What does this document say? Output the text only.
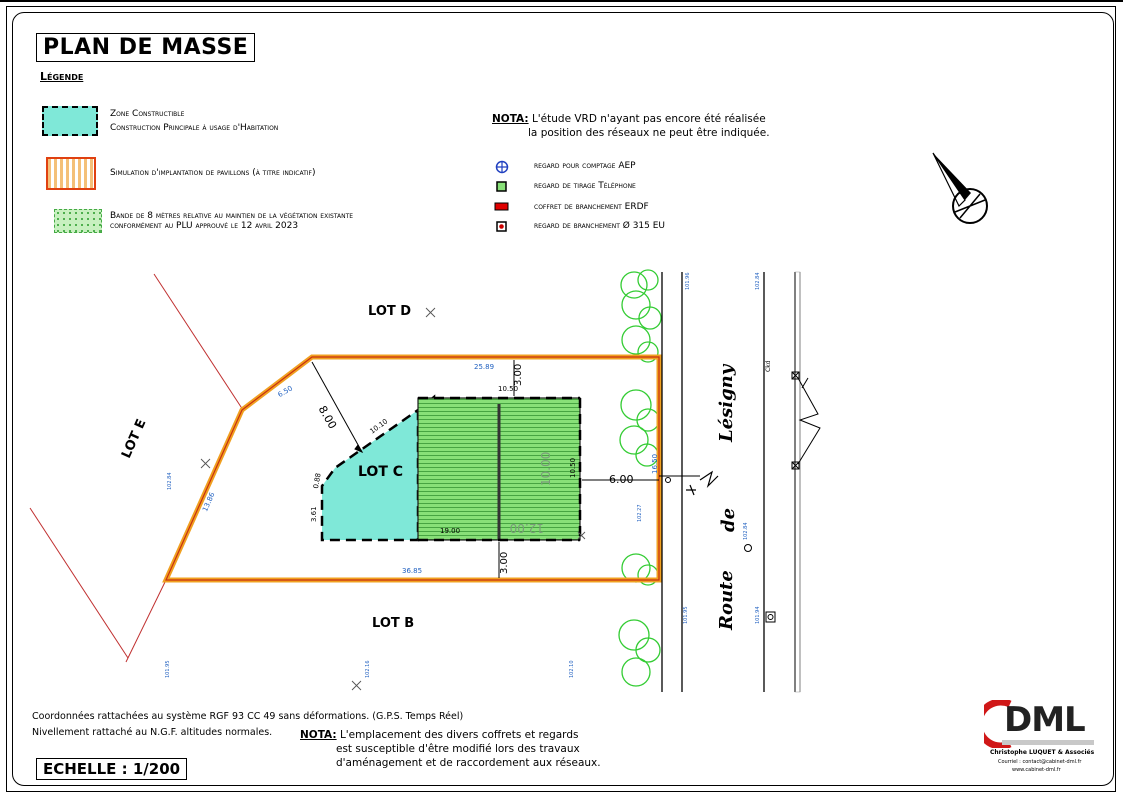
PLAN DE MASSE
Légende
Zone Constructible
Construction Principale à usage d'Habitation
Simulation d'implantation de pavillons (à titre indicatif)
Bande de 8 mètres relative au maintien de la végétation existante
conformément au PLU approuvé le 12 avril 2023
NOTA: L'étude VRD n'ayant pas encore été réalisée
la position des réseaux ne peut être indiquée.
regard pour comptage AEP
regard de tirage Téléphone
coffret de branchement ERDF
regard de branchement Ø 315 EU
LOT D
LOT E
LOT B
LOT C
Route
de
Lésigny
25.89
36.85
6.50
13.86
16.50
8.00
3.00
3.00
6.00
10.10
0.88
3.61
10.50
10.50
19.00
10.00
12.00
102.84
101.96
102.27
101.95
102.16	102.10
101.94
102.84
101.95
102.84
Ckd
Coordonnées rattachées au système RGF 93 CC 49 sans déformations. (G.P.S. Temps Réel)
Nivellement rattaché au N.G.F. altitudes normales.	NOTA: L'emplacement des divers coffrets et regards
est susceptible d'être modifié lors des travaux
d'aménagement et de raccordement aux réseaux.
ECHELLE : 1/200
DML
Christophe LUQUET & Associés
Courriel : contact@cabinet-dml.fr
www.cabinet-dml.fr
